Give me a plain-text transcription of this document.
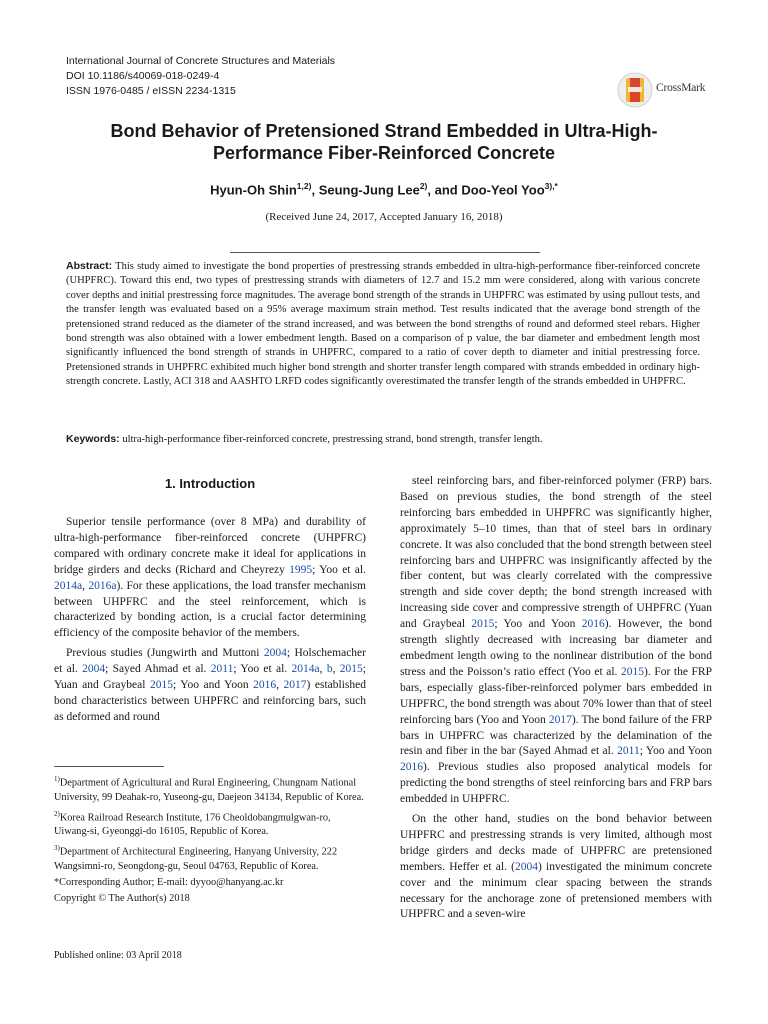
International Journal of Concrete Structures and Materials
DOI 10.1186/s40069-018-0249-4
ISSN 1976-0485 / eISSN 2234-1315	CrossMark
Bond Behavior of Pretensioned Strand Embedded in Ultra-High-Performance Fiber-Reinforced Concrete
Hyun-Oh Shin$^{1,2)}$, Seung-Jung Lee$^{2)}$, and Doo-Yeol Yoo$^{3),*}$
(Received June 24, 2017, Accepted January 16, 2018)

Abstract: This study aimed to investigate the bond properties of prestressing strands embedded in ultra-high-performance fiber-reinforced concrete (UHPFRC). Toward this end, two types of prestressing strands with diameters of 12.7 and 15.2 mm were considered, along with various concrete cover depths and initial prestressing force magnitudes. The average bond strength of the strands in UHPFRC was estimated by using pullout tests, and the transfer length was evaluated based on a 95% average maximum strain method. Test results indicated that the average bond strength of the pretensioned strand reduced as the diameter of the strand increased, and was between the bond strengths of round and deformed steel rebars. Higher bond strength was also obtained with a lower embedment length. Based on a comparison of p value, the bar diameter and embedment length most significantly influenced the bond strength of strands in UHPFRC, compared to a ratio of cover depth to diameter and initial prestressing force. Pretensioned strands in UHPFRC exhibited much higher bond strength and shorter transfer length compared with strands embedded in ordinary high-strength concrete. Lastly, ACI 318 and AASHTO LRFD codes significantly overestimated the transfer length of the strands embedded in UHPFRC.

Keywords: ultra-high-performance fiber-reinforced concrete, prestressing strand, bond strength, transfer length.

1. Introduction

Superior tensile performance (over 8 MPa) and durability of ultra-high-performance fiber-reinforced concrete (UHPFRC) compared with ordinary concrete make it ideal for applications in bridge girders and decks (Richard and Cheyrezy 1995; Yoo et al. 2014a, 2016a). For these applications, the load transfer mechanism between UHPFRC and the steel reinforcement, which is characterized by bonding action, is a crucial factor determining efficiency of the composite behavior of the members.

Previous studies (Jungwirth and Muttoni 2004; Holschemacher et al. 2004; Sayed Ahmad et al. 2011; Yoo et al. 2014a, b, 2015; Yuan and Graybeal 2015; Yoo and Yoon 2016, 2017) established bond characteristics between UHPFRC and reinforcing bars, such as deformed and round

steel reinforcing bars, and fiber-reinforced polymer (FRP) bars. Based on previous studies, the bond strength of the steel reinforcing bars embedded in UHPFRC was significantly higher, approximately 5–10 times, than that of steel bars in ordinary concrete. It was also concluded that the bond strength between steel reinforcing bars and UHPFRC was insignificantly affected by the fiber content, but was clearly correlated with the compressive strength and side cover depth; the bond strength increased with increasing side cover and compressive strength of UHPFRC (Yuan and Graybeal 2015; Yoo and Yoon 2016). However, the bond strength slightly decreased with increasing bar diameter and embedment length owing to the nonlinear distribution of the bond stress and the Poisson’s ratio effect (Yoo et al. 2015). For the FRP bars, especially glass-fiber-reinforced polymer bars embedded in UHPFRC, the bond strength was about 70% lower than that of steel reinforcing bars (Yoo and Yoon 2017). The bond failure of the FRP bars in UHPFRC was characterized by the delamination of the resin and fiber in the bar (Sayed Ahmad et al. 2011; Yoo and Yoon 2016). Previous studies also proposed analytical models for predicting the bond strengths of steel reinforcing bars and FRP bars embedded in UHPFRC.

On the other hand, studies on the bond behavior between UHPFRC and prestressing strands is very limited, although most bridge girders and decks made of UHPFRC are pretensioned members. Heffer et al. (2004) investigated the minimum concrete cover and the minimum clear spacing between the strands necessary for the anchorage zone of pretensioned members with UHPFRC and a seven-wire

$^{1)}$Department of Agricultural and Rural Engineering, Chungnam National University, 99 Deahak-ro, Yuseong-gu, Daejeon 34134, Republic of Korea.

$^{2)}$Korea Railroad Research Institute, 176 Cheoldobangmulgwan-ro, Uiwang-si, Gyeonggi-do 16105, Republic of Korea.

$^{3)}$Department of Architectural Engineering, Hanyang University, 222 Wangsimni-ro, Seongdong-gu, Seoul 04763, Republic of Korea.

*Corresponding Author; E-mail: dyyoo@hanyang.ac.kr

Copyright © The Author(s) 2018

Published online: 03 April 2018
